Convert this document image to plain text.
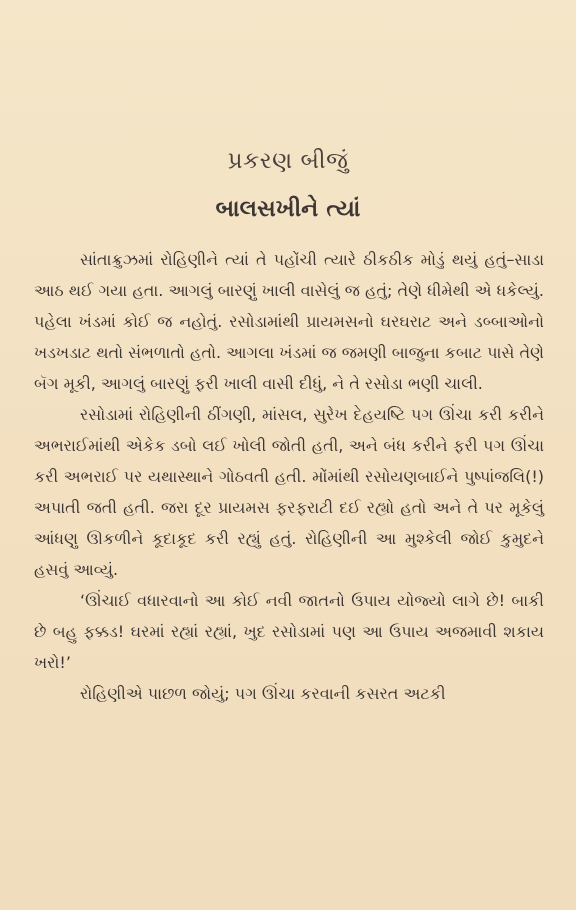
પ્રકરણ બીજું
બાલસખીને ત્યાં

સાંતાક્રુઝમાં રોહિણીને ત્યાં તે પહોંચી ત્યારે ઠીકઠીક મોડું થયું હતું–સાડા આઠ થઈ ગયા હતા. આગલું બારણું ખાલી વાસેલું જ હતું; તેણે ધીમેથી એ ધકેલ્યું. પહેલા ખંડમાં કોઈ જ નહોતું. રસોડામાંથી પ્રાયમસનો ઘરઘરાટ અને ડબ્બાઓનો ખડખડાટ થતો સંભળાતો હતો. આગલા ખંડમાં જ જમણી બાજુના કબાટ પાસે તેણે બૅગ મૂકી, આગલું બારણું ફરી ખાલી વાસી દીધું, ને તે રસોડા ભણી ચાલી.

રસોડામાં રોહિણીની ઠીંગણી, માંસલ, સુરેખ દેહયષ્ટિ પગ ઊંચા કરી કરીને અભરાઈમાંથી એકેક ડબો લઈ ખોલી જોતી હતી, અને બંધ કરીને ફરી પગ ઊંચા કરી અભરાઈ પર યથાસ્થાને ગોઠવતી હતી. મોંમાંથી રસોયણબાઈને પુષ્પાંજલિ(!) અપાતી જતી હતી. જરા દૂર પ્રાયમસ ફરફરાટી દઈ રહ્યો હતો અને તે પર મૂકેલું આંધણુ ઊકળીને કૂદાકૂદ કરી રહ્યું હતું. રોહિણીની આ મુશ્કેલી જોઈ કુમુદને હસવું આવ્યું.

‘ઊંચાઈ વધારવાનો આ કોઈ નવી જાતનો ઉપાય યોજ્યો લાગે છે! બાકી છે બહુ ફક્કડ! ઘરમાં રહ્યાં રહ્યાં, ખુદ રસોડામાં પણ આ ઉપાય અજમાવી શકાય ખરો!’

રોહિણીએ પાછળ જોયું; પગ ઊંચા કરવાની કસરત અટકી
